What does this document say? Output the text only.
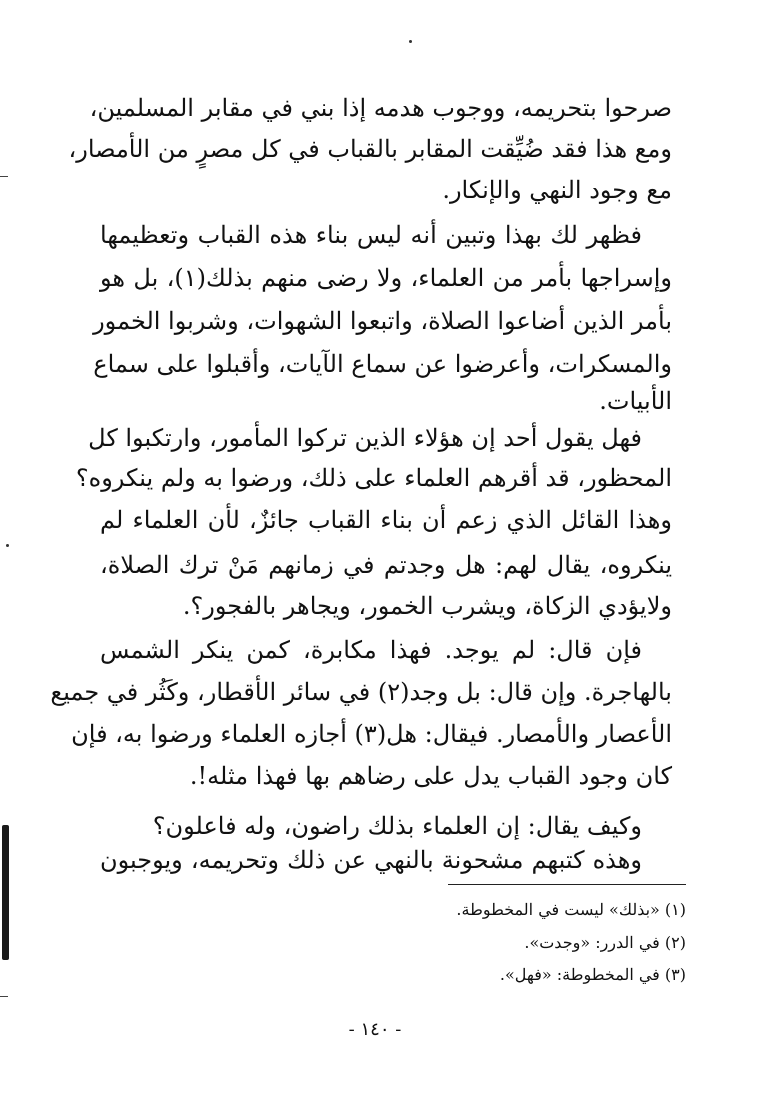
صرحوا بتحريمه، ووجوب هدمه إذا بني في مقابر المسلمين،
ومع هذا فقد ضُيِّقت المقابر بالقباب في كل مصرٍ من الأمصار،
مع وجود النهي والإنكار.
فظهر لك بهذا وتبين أنه ليس بناء هذه القباب وتعظيمها
وإسراجها بأمر من العلماء، ولا رضى منهم بذلك(١)، بل هو
بأمر الذين أضاعوا الصلاة، واتبعوا الشهوات، وشربوا الخمور
والمسكرات، وأعرضوا عن سماع الآيات، وأقبلوا على سماع
الأبيات.
فهل يقول أحد إن هؤلاء الذين تركوا المأمور، وارتكبوا كل
المحظور، قد أقرهم العلماء على ذلك، ورضوا به ولم ينكروه؟
وهذا القائل الذي زعم أن بناء القباب جائزٌ، لأن العلماء لم
ينكروه، يقال لهم: هل وجدتم في زمانهم مَنْ ترك الصلاة،
ولايؤدي الزكاة، ويشرب الخمور، ويجاهر بالفجور؟.
فإن قال: لم يوجد. فهذا مكابرة، كمن ينكر الشمس
بالهاجرة. وإن قال: بل وجد(٢) في سائر الأقطار، وكَثُر في جميع
الأعصار والأمصار. فيقال: هل(٣) أجازه العلماء ورضوا به، فإن
كان وجود القباب يدل على رضاهم بها فهذا مثله!.
وكيف يقال: إن العلماء بذلك راضون، وله فاعلون؟
وهذه كتبهم مشحونة بالنهي عن ذلك وتحريمه، ويوجبون
(١) «بذلك» ليست في المخطوطة.
(٢) في الدرر: «وجدت».
(٣) في المخطوطة: «فهل».
- ١٤٠ -
